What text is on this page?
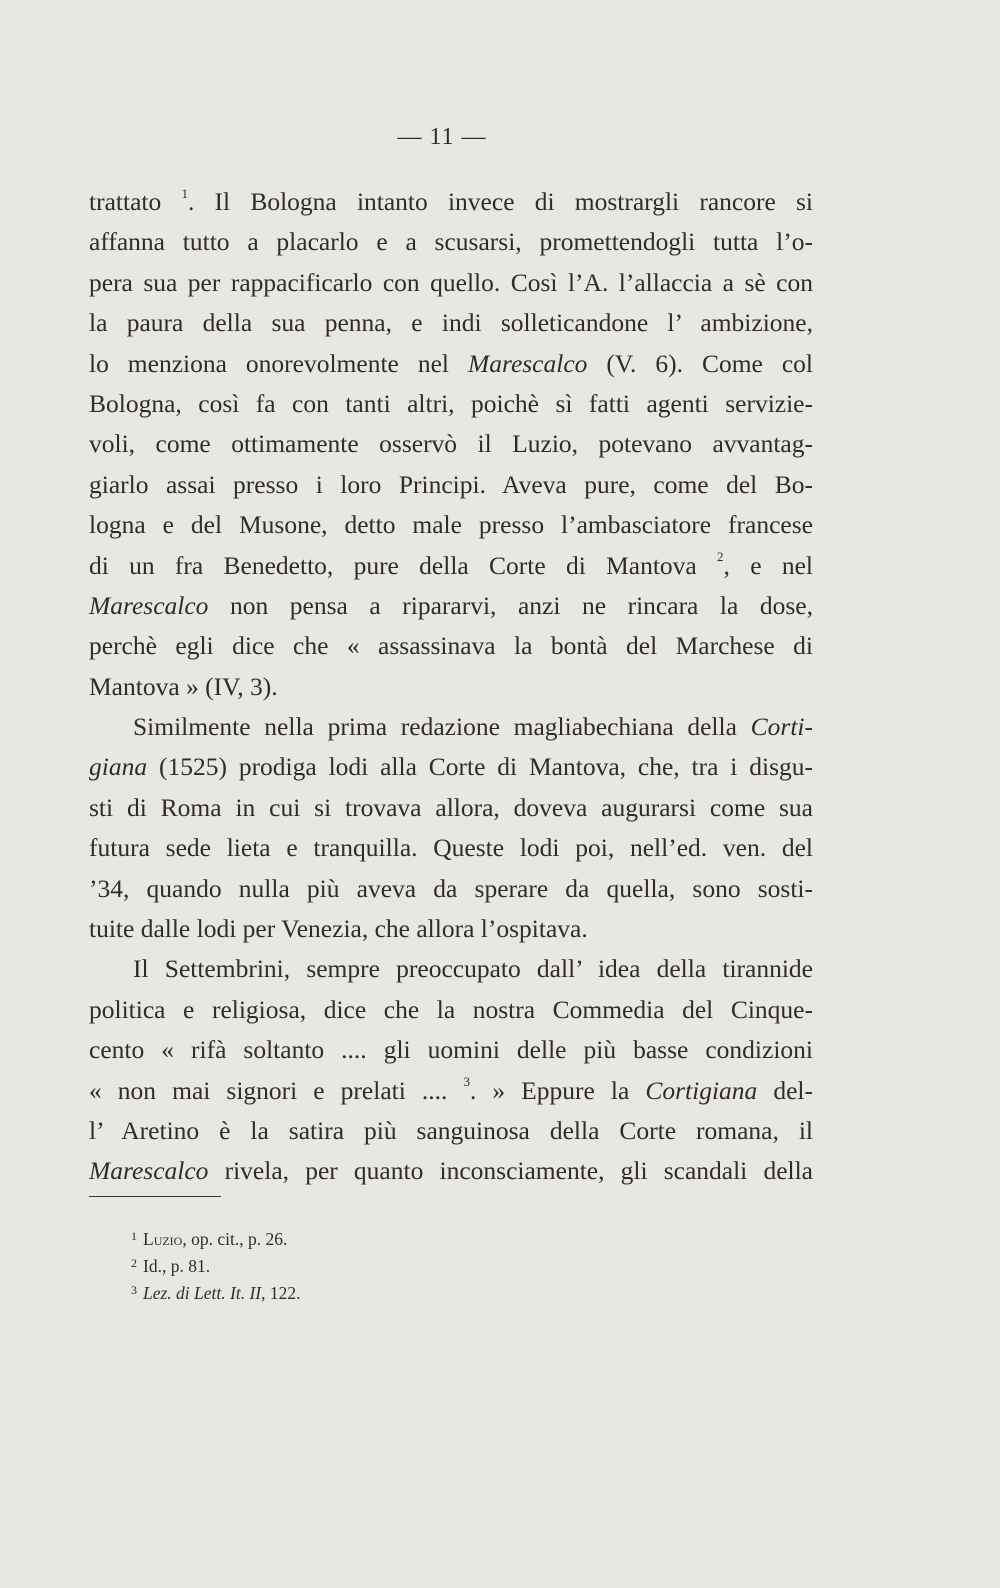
— 11 —
trattato $^1$. Il Bologna intanto invece di mostrargli rancore si
affanna tutto a placarlo e a scusarsi, promettendogli tutta l’o-
pera sua per rappacificarlo con quello. Così l’A. l’allaccia a sè con
la paura della sua penna, e indi solleticandone l’ ambizione,
lo menziona onorevolmente nel Marescalco (V. 6). Come col
Bologna, così fa con tanti altri, poichè sì fatti agenti servizie-
voli, come ottimamente osservò il Luzio, potevano avvantag-
giarlo assai presso i loro Principi. Aveva pure, come del Bo-
logna e del Musone, detto male presso l’ambasciatore francese
di un fra Benedetto, pure della Corte di Mantova $^2$, e nel
Marescalco non pensa a ripararvi, anzi ne rincara la dose,
perchè egli dice che « assassinava la bontà del Marchese di
Mantova » (IV, 3).
Similmente nella prima redazione magliabechiana della Corti-
giana (1525) prodiga lodi alla Corte di Mantova, che, tra i disgu-
sti di Roma in cui si trovava allora, doveva augurarsi come sua
futura sede lieta e tranquilla. Queste lodi poi, nell’ed. ven. del
’34, quando nulla più aveva da sperare da quella, sono sosti-
tuite dalle lodi per Venezia, che allora l’ospitava.
Il Settembrini, sempre preoccupato dall’ idea della tirannide
politica e religiosa, dice che la nostra Commedia del Cinque-
cento « rifà soltanto .... gli uomini delle più basse condizioni
« non mai signori e prelati .... $^3$. » Eppure la Cortigiana del-
l’ Aretino è la satira più sanguinosa della Corte romana, il
Marescalco rivela, per quanto inconsciamente, gli scandali della
$^1$ Luzio, op. cit., p. 26.
$^2$ Id., p. 81.
$^3$ Lez. di Lett. It. II, 122.
